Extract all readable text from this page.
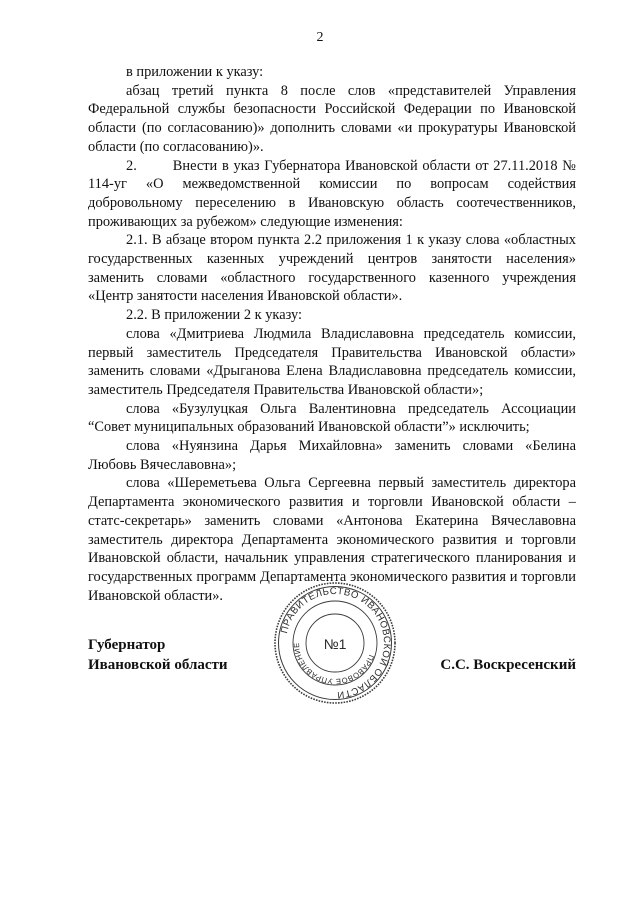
2

в приложении к указу:

абзац третий пункта 8 после слов «представителей Управления Федеральной службы безопасности Российской Федерации по Ивановской области (по согласованию)» дополнить словами «и прокуратуры Ивановской области (по согласованию)».

2.	Внести в указ Губернатора Ивановской области от 27.11.2018 № 114-уг «О межведомственной комиссии по вопросам содействия добровольному переселению в Ивановскую область соотечественников, проживающих за рубежом» следующие изменения:

2.1. В абзаце втором пункта 2.2 приложения 1 к указу слова «областных государственных казенных учреждений центров занятости населения» заменить словами «областного государственного казенного учреждения «Центр занятости населения Ивановской области».

2.2. В приложении 2 к указу:

слова «Дмитриева Людмила Владиславовна председатель комиссии, первый заместитель Председателя Правительства Ивановской области» заменить словами «Дрыганова Елена Владиславовна председатель комиссии, заместитель Председателя Правительства Ивановской области»;

слова «Бузулуцкая Ольга Валентиновна председатель Ассоциации “Совет муниципальных образований Ивановской области”» исключить;

слова «Нуянзина Дарья Михайловна» заменить словами «Белина Любовь Вячеславовна»;

слова «Шереметьева Ольга Сергеевна первый заместитель директора Департамента экономического развития и торговли Ивановской области – статс-секретарь» заменить словами «Антонова Екатерина Вячеславовна заместитель директора Департамента экономического развития и торговли Ивановской области, начальник управления стратегического планирования и государственных программ Департамента экономического развития и торговли Ивановской области».

Губернатор
Ивановской области	С.С. Воскресенский
ПРАВИТЕЛЬСТВО ИВАНОВСКОЙ ОБЛАСТИ
ПРАВОВОЕ УПРАВЛЕНИЕ	№1
